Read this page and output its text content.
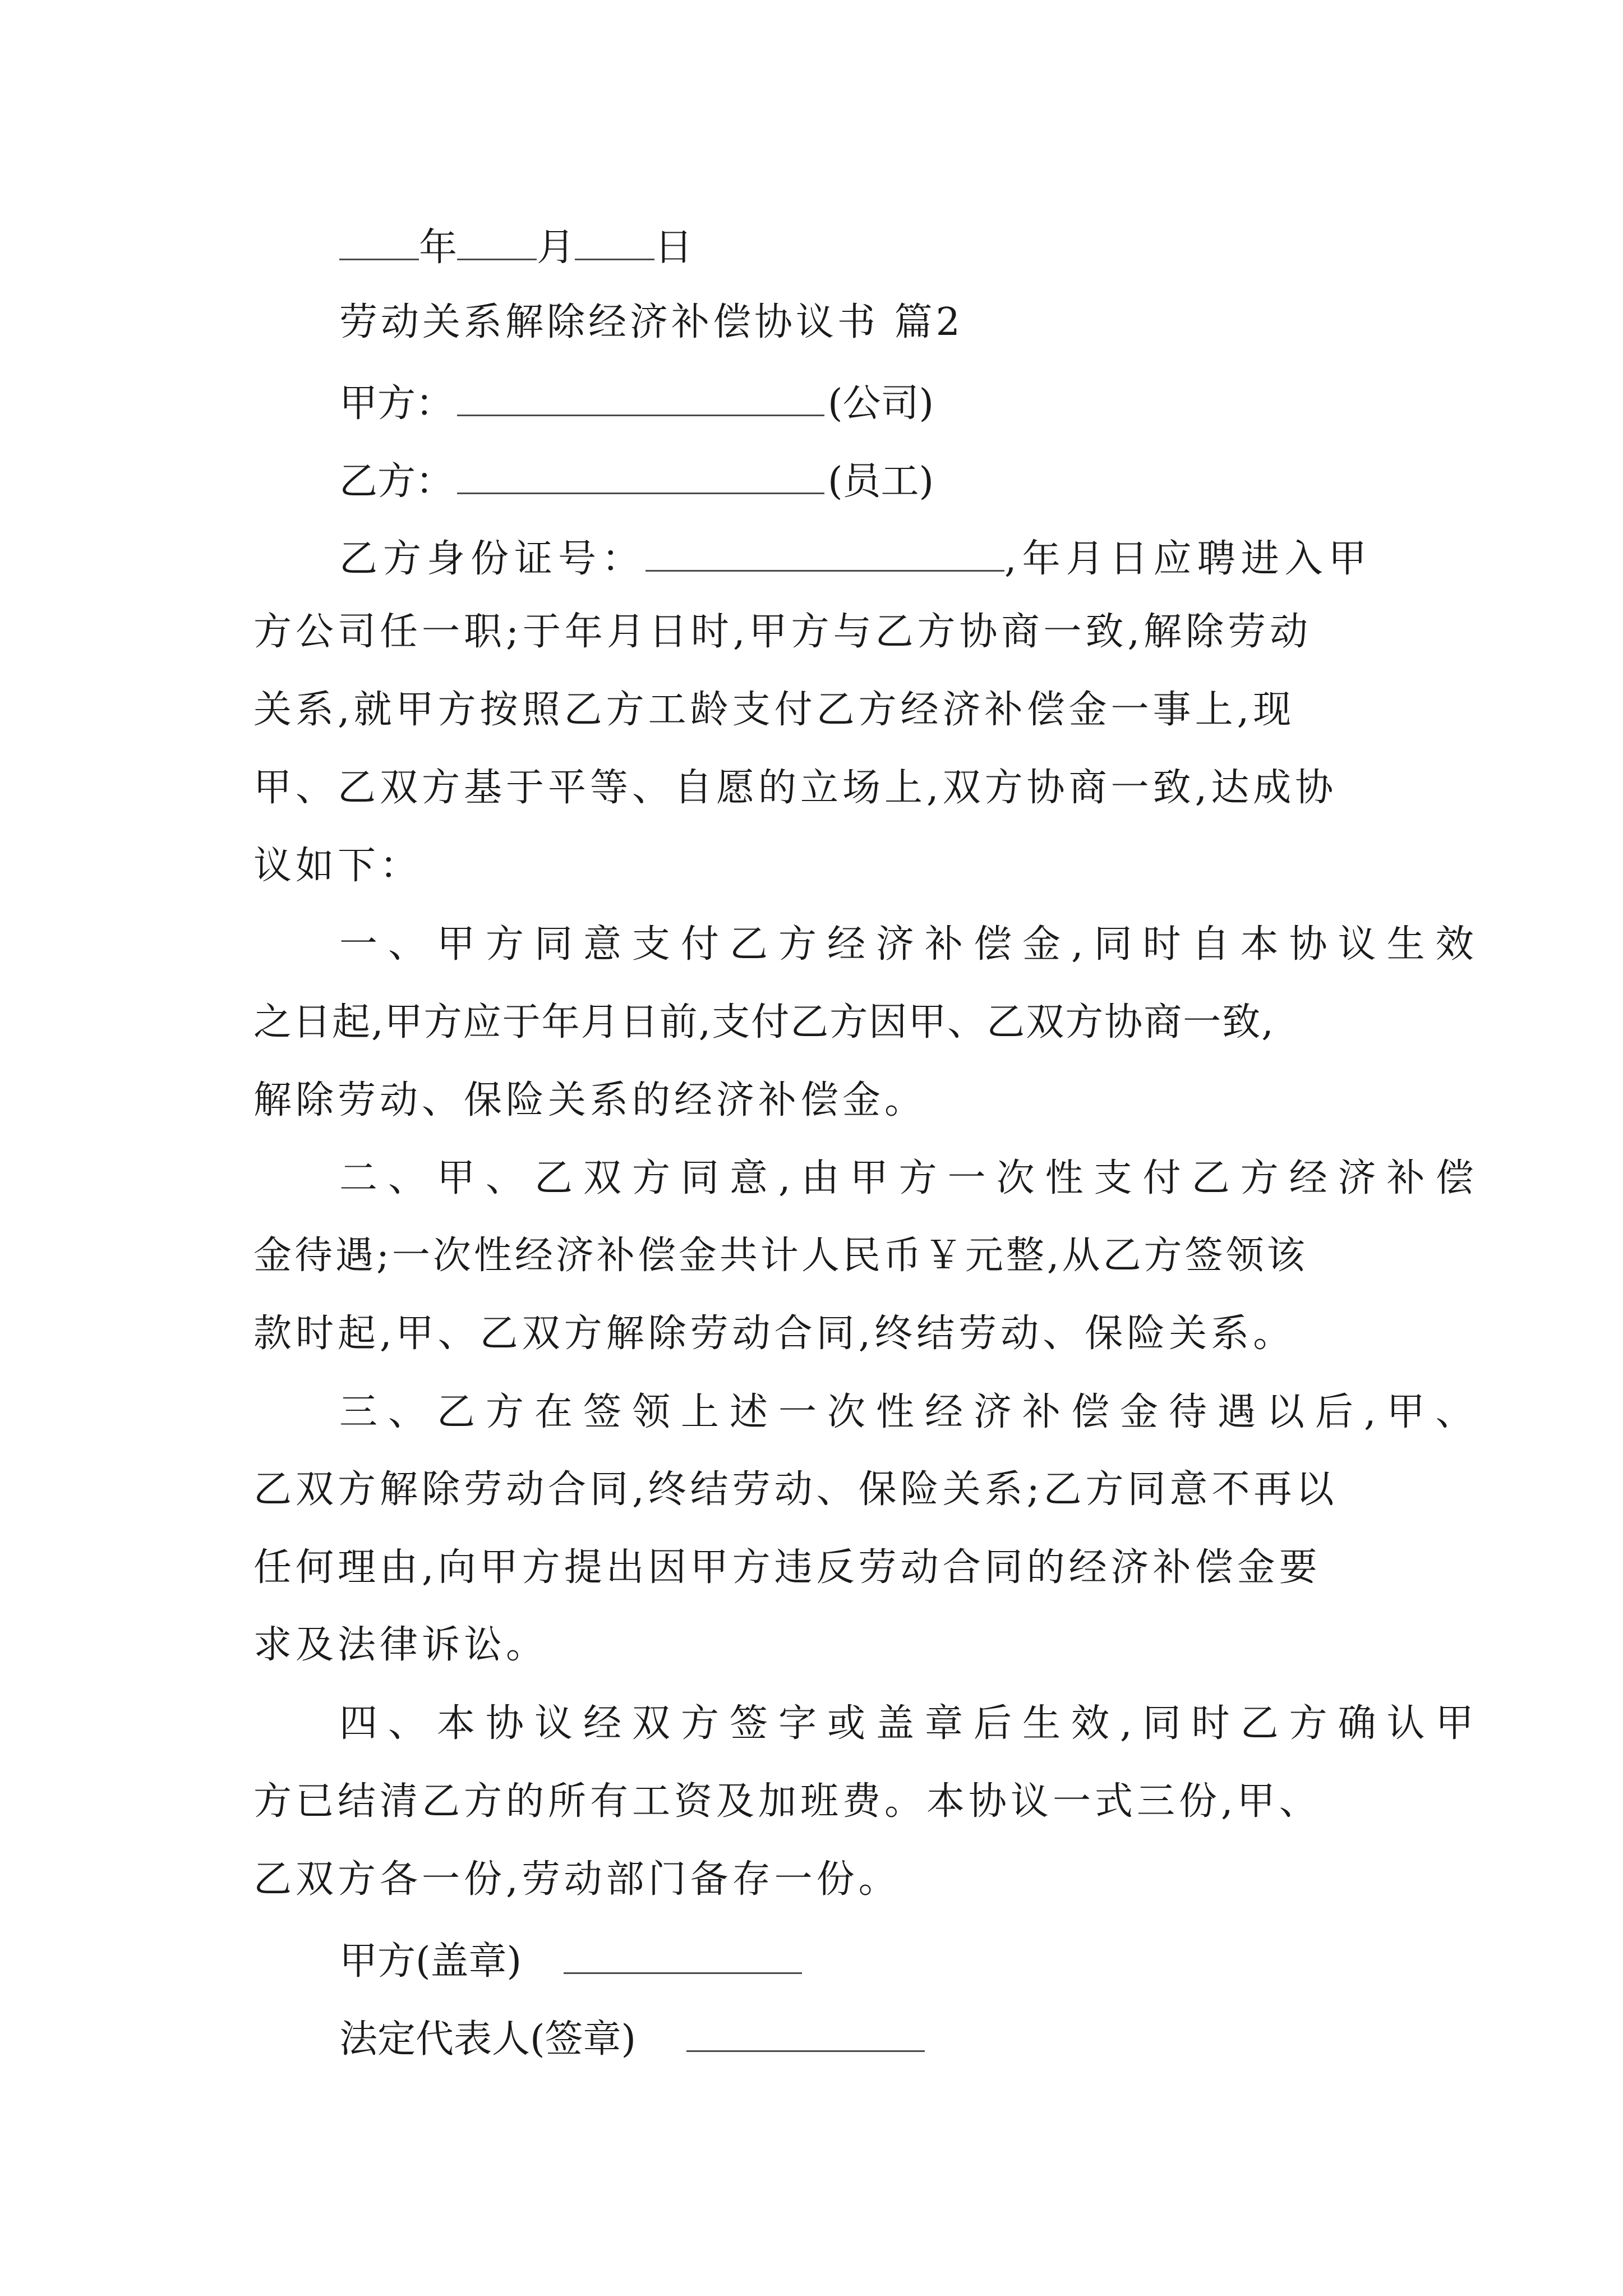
年 月 日
劳动关系解除经济补偿协议书 篇2
甲方：	(公司)
乙方：	(员工)
乙方身份证号：	,年月日应聘进入甲
方公司任一职;于年月日时,甲方与乙方协商一致,解除劳动
关系,就甲方按照乙方工龄支付乙方经济补偿金一事上,现
甲、乙双方基于平等、自愿的立场上,双方协商一致,达成协
议如下：
一、甲方同意支付乙方经济补偿金,同时自本协议生效
之日起,甲方应于年月日前,支付乙方因甲、乙双方协商一致,
解除劳动、保险关系的经济补偿金。
二、甲、乙双方同意,由甲方一次性支付乙方经济补偿
金待遇;一次性经济补偿金共计人民币￥元整,从乙方签领该
款时起,甲、乙双方解除劳动合同,终结劳动、保险关系。
三、乙方在签领上述一次性经济补偿金待遇以后,甲、
乙双方解除劳动合同,终结劳动、保险关系;乙方同意不再以
任何理由,向甲方提出因甲方违反劳动合同的经济补偿金要
求及法律诉讼。
四、本协议经双方签字或盖章后生效,同时乙方确认甲
方已结清乙方的所有工资及加班费。本协议一式三份,甲、
乙双方各一份,劳动部门备存一份。
甲方(盖章)
法定代表人(签章)
